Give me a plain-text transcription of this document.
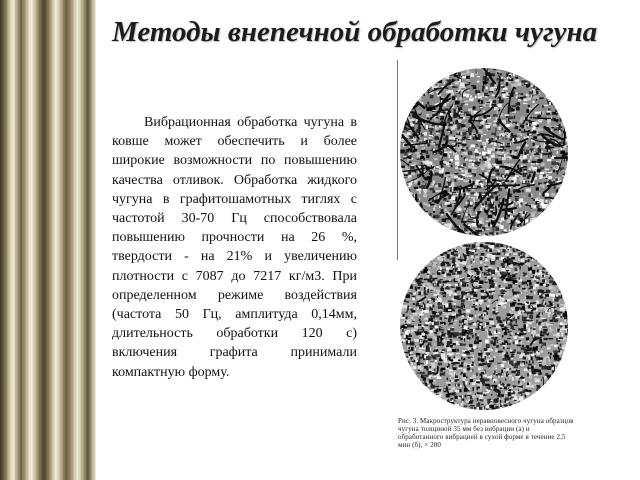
Методы внепечной обработки чугуна

Вибрационная обработка чугуна в ковше может обеспечить и более широкие возможности по повышению качества отливок. Обработка жидкого чугуна в графитошамотных тиглях с частотой 30-70 Гц способствовала повышению прочности на 26 %, твердости - на 21% и увеличению плотности с 7087 до 7217 кг/м3. При определенном режиме воздействия (частота 50 Гц, амплитуда 0,14мм, длительность обработки 120 с) включения графита принимали компактную форму.

Рис. 3. Макроструктура неравновесного чугуна образцов чугуна толщиной 35 мм без вибрации (а) и обработанного вибрацией в сухой форме в течение 2,5 мин (б), × 200
